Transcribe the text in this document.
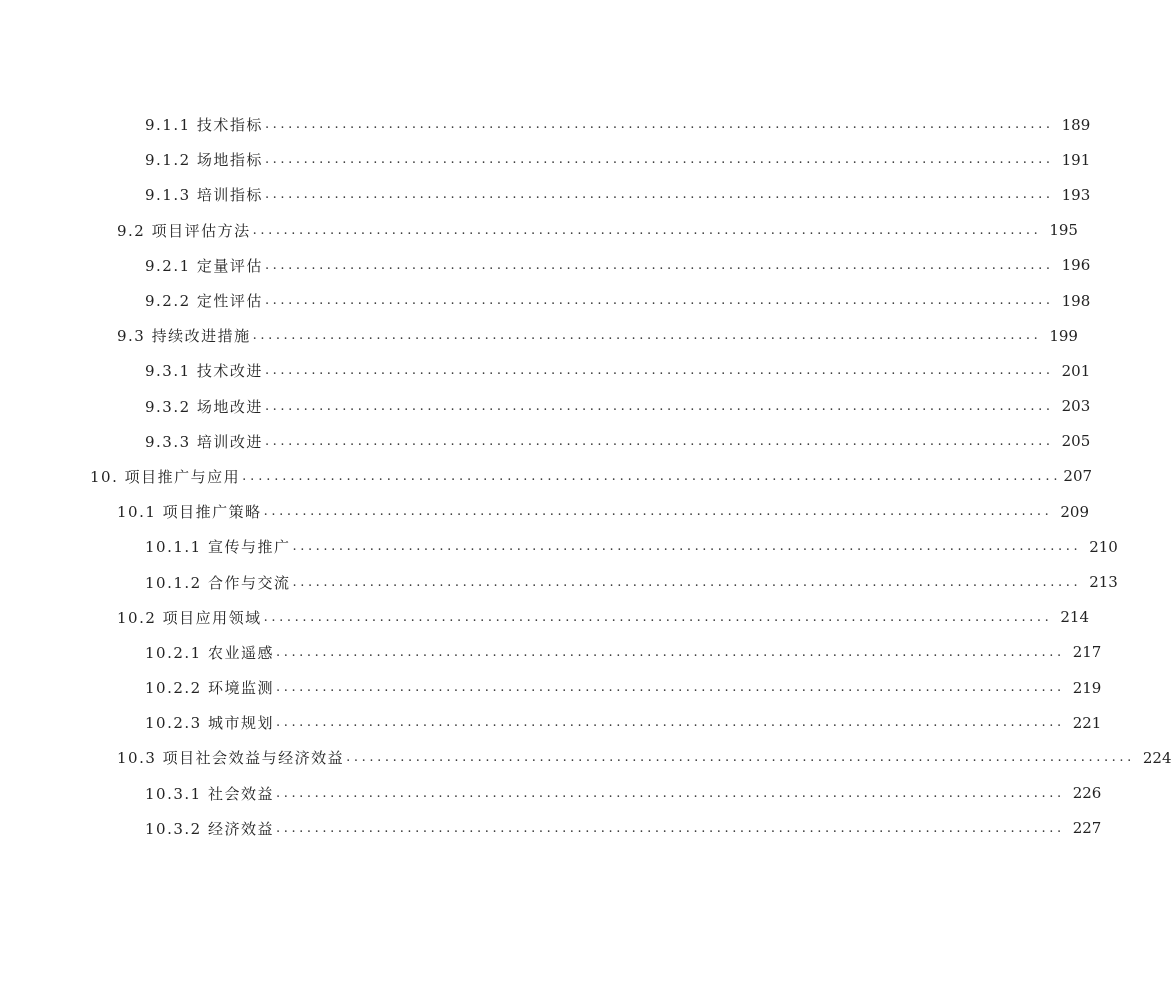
9.1.1 技术指标 ...................................................................................................... 189
9.1.2 场地指标 ...................................................................................................... 191
9.1.3 培训指标 ...................................................................................................... 193
9.2 项目评估方法 ...................................................................................................... 195
9.2.1 定量评估 ...................................................................................................... 196
9.2.2 定性评估 ...................................................................................................... 198
9.3 持续改进措施 ...................................................................................................... 199
9.3.1 技术改进 ...................................................................................................... 201
9.3.2 场地改进 ...................................................................................................... 203
9.3.3 培训改进 ...................................................................................................... 205
10. 项目推广与应用 ...................................................................................................... 207
10.1 项目推广策略 ...................................................................................................... 209
10.1.1 宣传与推广 ...................................................................................................... 210
10.1.2 合作与交流 ...................................................................................................... 213
10.2 项目应用领域 ...................................................................................................... 214
10.2.1 农业遥感 ...................................................................................................... 217
10.2.2 环境监测 ...................................................................................................... 219
10.2.3 城市规划 ...................................................................................................... 221
10.3 项目社会效益与经济效益 ...................................................................................................... 224
10.3.1 社会效益 ...................................................................................................... 226
10.3.2 经济效益 ...................................................................................................... 227
